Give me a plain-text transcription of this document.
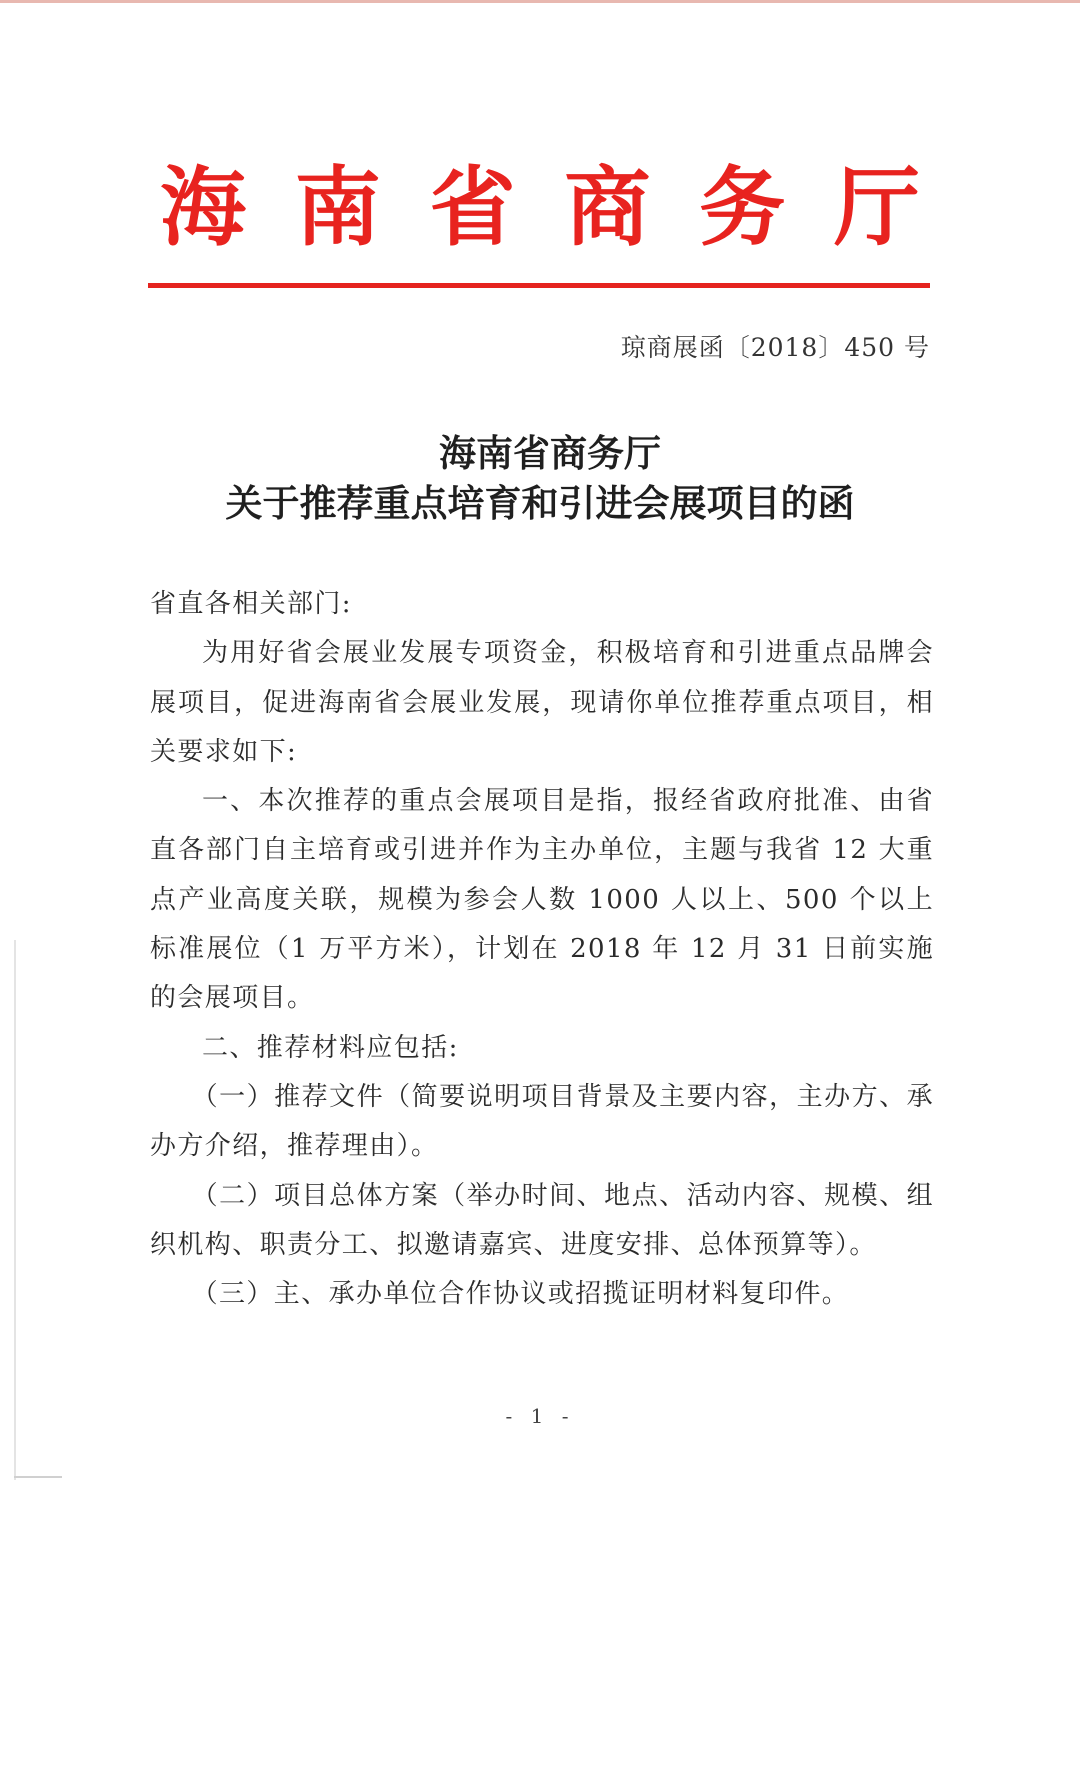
海 南 省 商 务 厅
琼商展函〔2018〕450 号
海南省商务厅
关于推荐重点培育和引进会展项目的函

省直各相关部门:

为用好省会展业发展专项资金，积极培育和引进重点品牌会展项目，促进海南省会展业发展，现请你单位推荐重点项目，相关要求如下:

一、本次推荐的重点会展项目是指，报经省政府批准、由省直各部门自主培育或引进并作为主办单位，主题与我省 12 大重点产业高度关联，规模为参会人数 1000 人以上、500 个以上标准展位（1 万平方米），计划在 2018 年 12 月 31 日前实施的会展项目。

二、推荐材料应包括:

（一）推荐文件（简要说明项目背景及主要内容，主办方、承办方介绍，推荐理由）。

（二）项目总体方案（举办时间、地点、活动内容、规模、组织机构、职责分工、拟邀请嘉宾、进度安排、总体预算等）。

（三）主、承办单位合作协议或招揽证明材料复印件。

- 1 -
